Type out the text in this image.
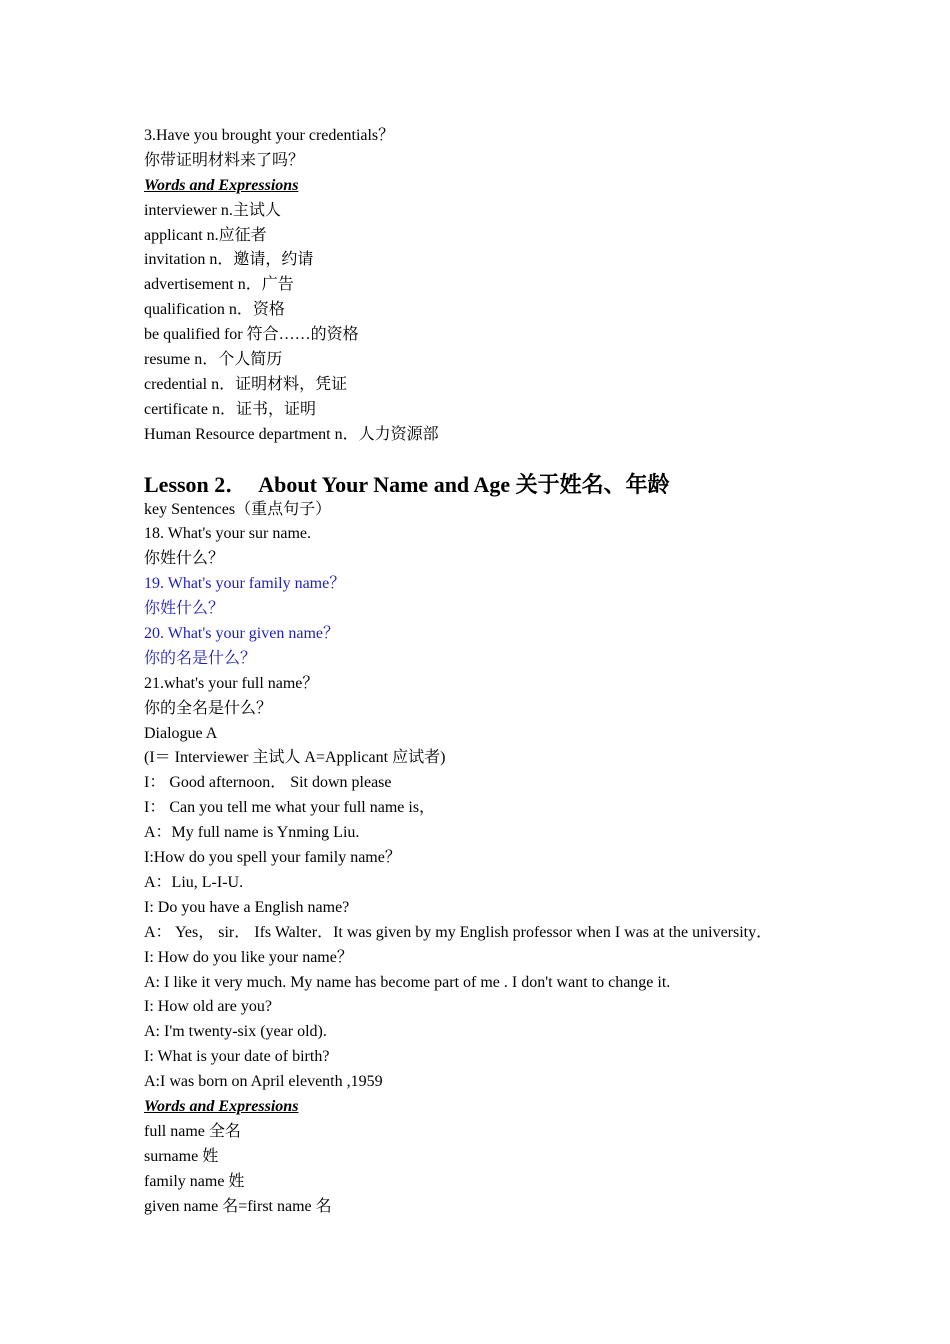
3.Have you brought your credentials？
你带证明材料来了吗？
Words and Expressions
interviewer n.主试人
applicant n.应征者
invitation n．邀请，约请
advertisement n．广告
qualification n．资格
be qualified for 符合……的资格
resume n．个人简历
credential n．证明材料，凭证
certificate n．证书，证明
Human Resource department n．人力资源部
Lesson 2．　About Your Name and Age 关于姓名、年龄
key Sentences（重点句子）
18. What's your sur name.
你姓什么？
19. What's your family name？
你姓什么？
20. What's your given name？
你的名是什么？
21.what's your full name？
你的全名是什么？
Dialogue A
(I＝ Interviewer 主试人 A=Applicant 应试者)
I： Good afternoon． Sit down please
I： Can you tell me what your full name is，
A：My full name is Ynming Liu.
I:How do you spell your family name？
A：Liu, L-I-U.
I: Do you have a English name?
A： Yes， sir． Ifs Walter．It was given by my English professor when I was at the university．
I: How do you like your name？
A: I like it very much. My name has become part of me . I don't want to change it.
I: How old are you?
A: I'm twenty-six (year old).
I: What is your date of birth?
A:I was born on April eleventh ,1959
Words and Expressions
full name 全名
surname 姓
family name 姓
given name 名=first name 名
